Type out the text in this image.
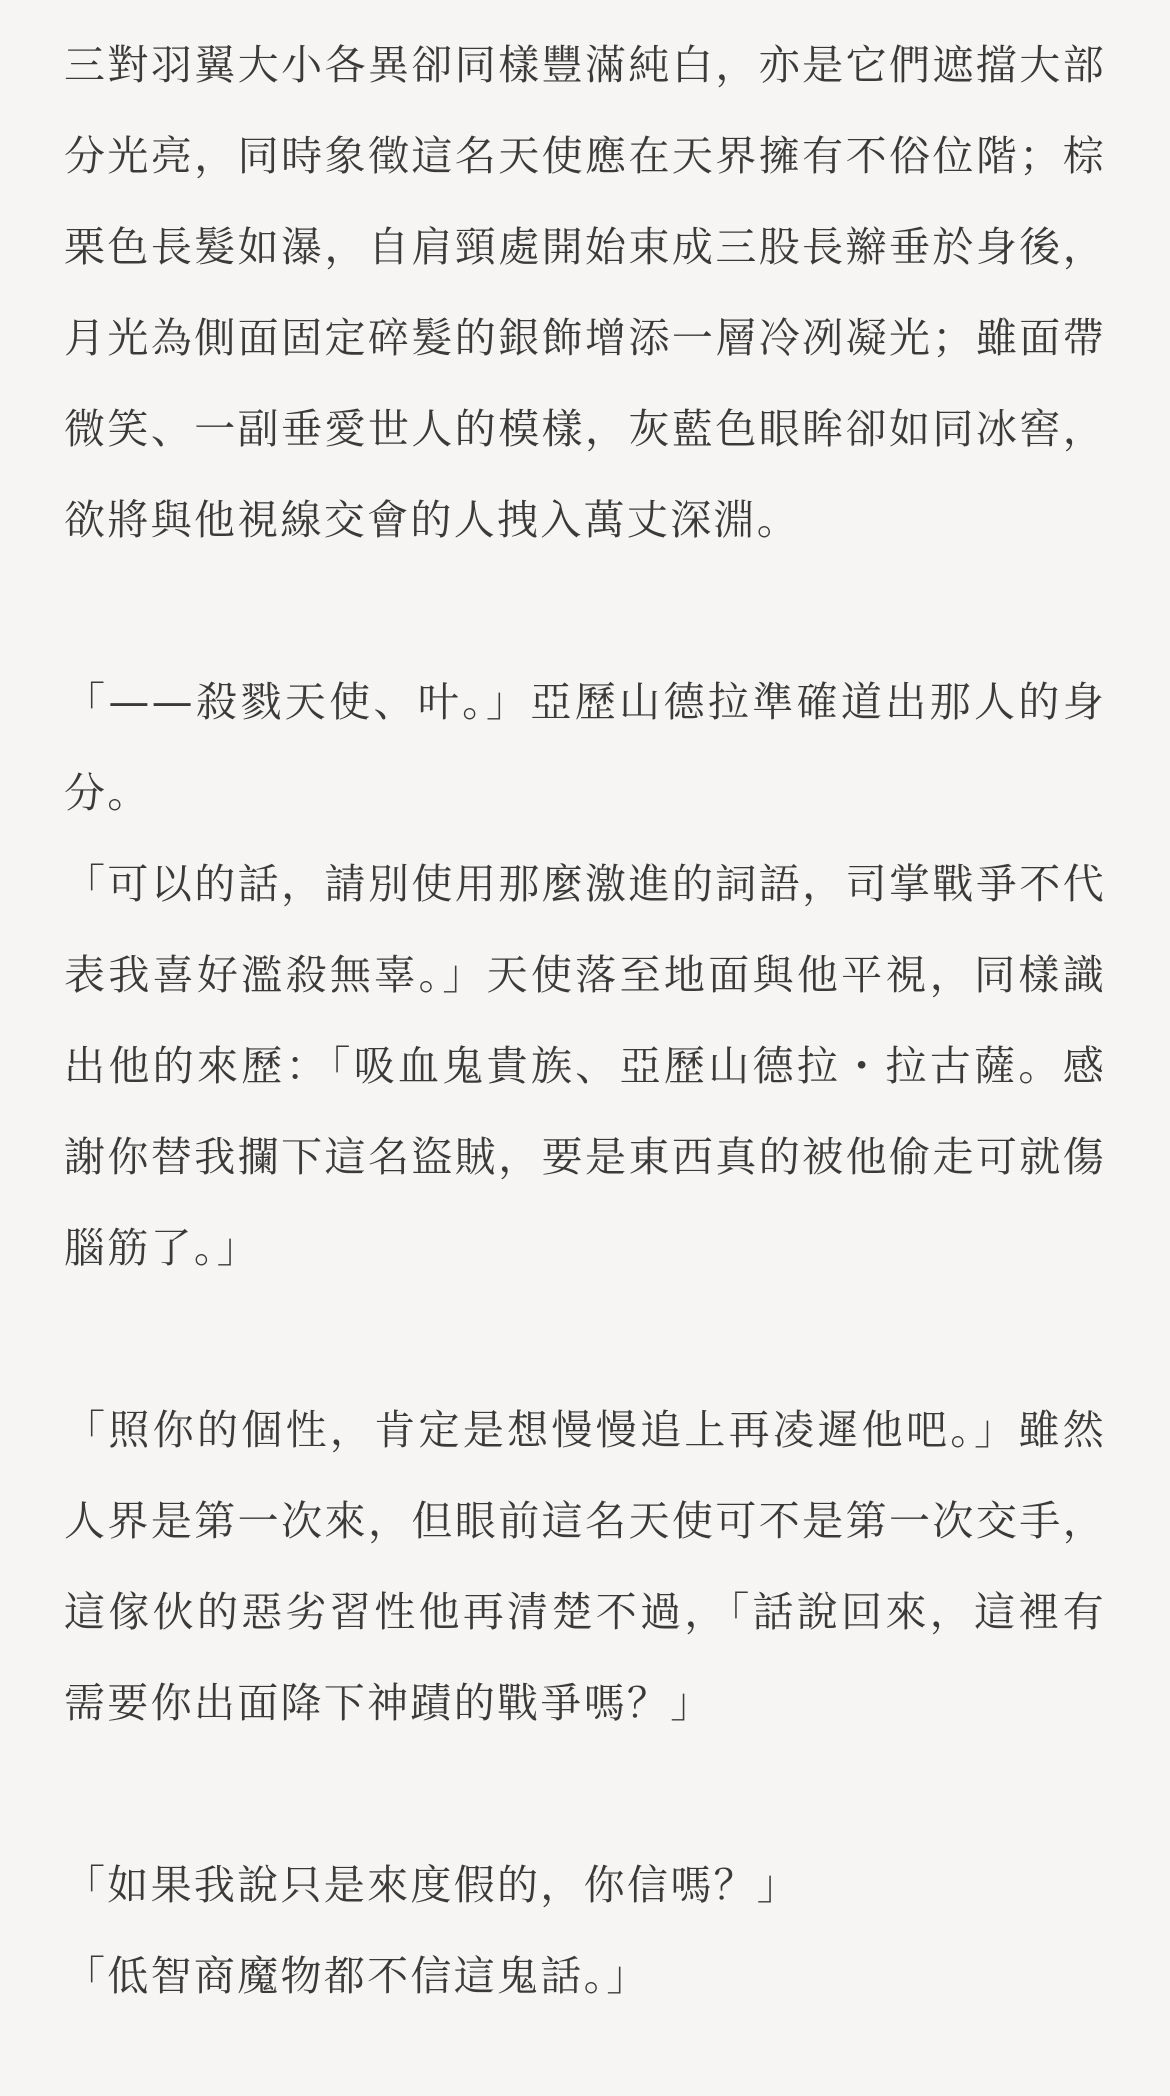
三對羽翼大小各異卻同樣豐滿純白，亦是它們遮擋大部分光亮，同時象徵這名天使應在天界擁有不俗位階；棕栗色長髮如瀑，自肩頸處開始束成三股長辮垂於身後，月光為側面固定碎髮的銀飾增添一層冷冽凝光；雖面帶微笑、一副垂愛世人的模樣，灰藍色眼眸卻如同冰窖，欲將與他視線交會的人拽入萬丈深淵。

「——殺戮天使、叶。」亞歷山德拉準確道出那人的身分。

「可以的話，請別使用那麼激進的詞語，司掌戰爭不代表我喜好濫殺無辜。」天使落至地面與他平視，同樣識出他的來歷：「吸血鬼貴族、亞歷山德拉・拉古薩。感謝你替我攔下這名盜賊，要是東西真的被他偷走可就傷腦筋了。」

「照你的個性，肯定是想慢慢追上再凌遲他吧。」雖然人界是第一次來，但眼前這名天使可不是第一次交手，這傢伙的惡劣習性他再清楚不過，「話說回來，這裡有需要你出面降下神蹟的戰爭嗎？」

「如果我說只是來度假的，你信嗎？」

「低智商魔物都不信這鬼話。」
